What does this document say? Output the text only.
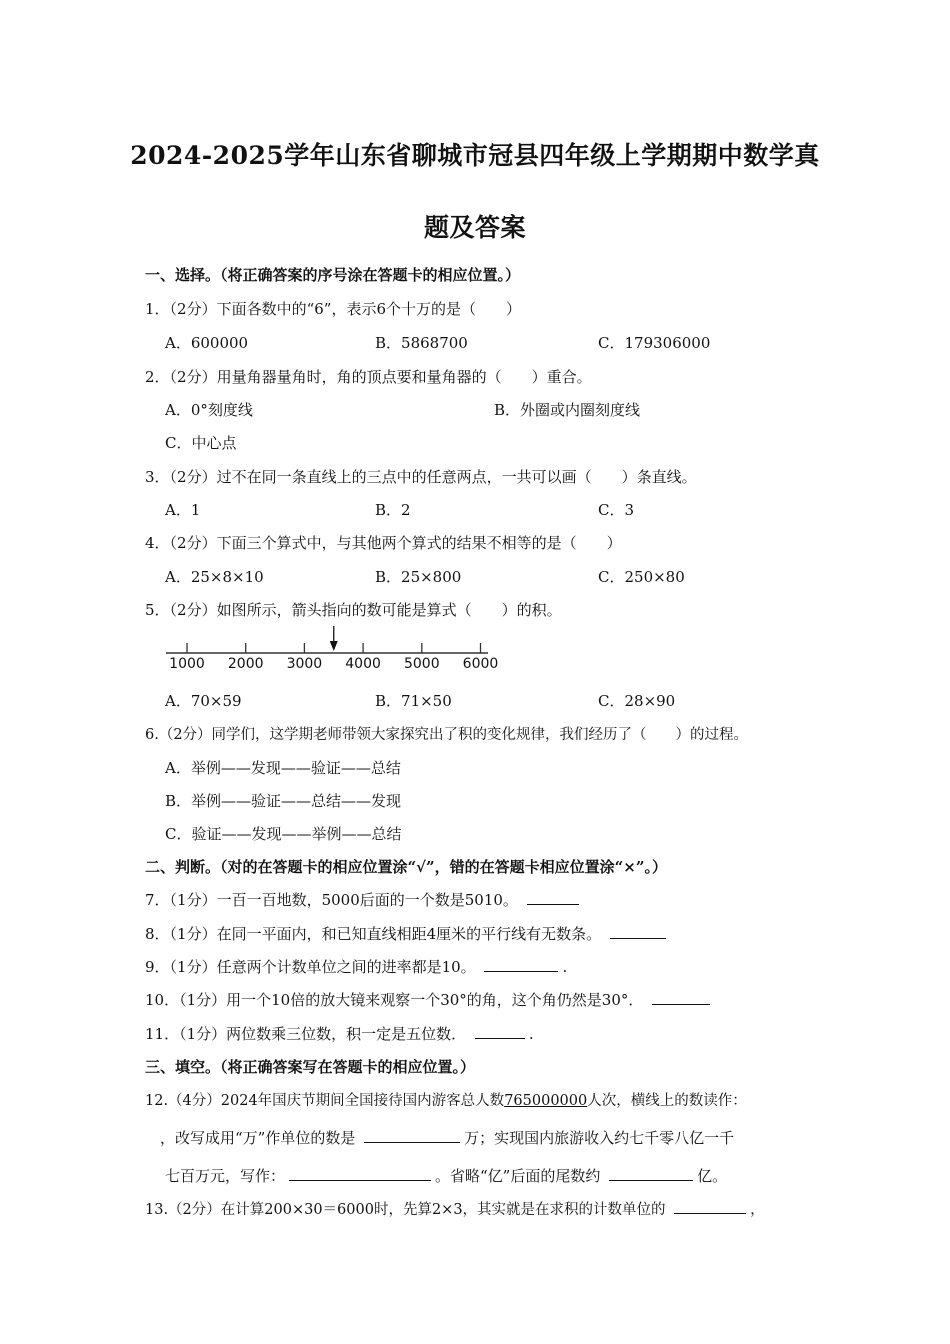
2024-2025学年山东省聊城市冠县四年级上学期期中数学真
题及答案
一、选择。（将正确答案的序号涂在答题卡的相应位置。）
1．（2分）下面各数中的“6”，表示6个十万的是（　　）
A．600000	B．5868700	C．179306000
2．（2分）用量角器量角时，角的顶点要和量角器的（　　）重合。
A．0°刻度线	B．外圈或内圈刻度线
C．中心点
3．（2分）过不在同一条直线上的三点中的任意两点，一共可以画（　　）条直线。
A．1	B．2	C．3
4．（2分）下面三个算式中，与其他两个算式的结果不相等的是（　　）
A．25×8×10	B．25×800	C．250×80
5．（2分）如图所示，箭头指向的数可能是算式（　　）的积。
1000 2000 3000 4000 5000 6000
A．70×59	B．71×50	C．28×90
6.（2分）同学们，这学期老师带领大家探究出了积的变化规律，我们经历了（　　）的过程。
A．举例——发现——验证——总结
B．举例——验证——总结——发现
C．验证——发现——举例——总结
二、判断。（对的在答题卡的相应位置涂“√”，错的在答题卡相应位置涂“×”。）
7．（1分）一百一百地数，5000后面的一个数是5010。
8．（1分）在同一平面内，和已知直线相距4厘米的平行线有无数条。
9．（1分）任意两个计数单位之间的进率都是10。	.
10．（1分）用一个10倍的放大镜来观察一个30°的角，这个角仍然是30°．
11．（1分）两位数乘三位数，积一定是五位数．	.
三、填空。（将正确答案写在答题卡的相应位置。）
12.（4分）2024年国庆节期间全国接待国内游客总人数765000000人次，横线上的数读作：
，改写成用“万”作单位的数是	万；实现国内旅游收入约七千零八亿一千
七百万元，写作：	。省略“亿”后面的尾数约	亿。
13.（2分）在计算200×30＝6000时，先算2×3，其实就是在求积的计数单位的	，
